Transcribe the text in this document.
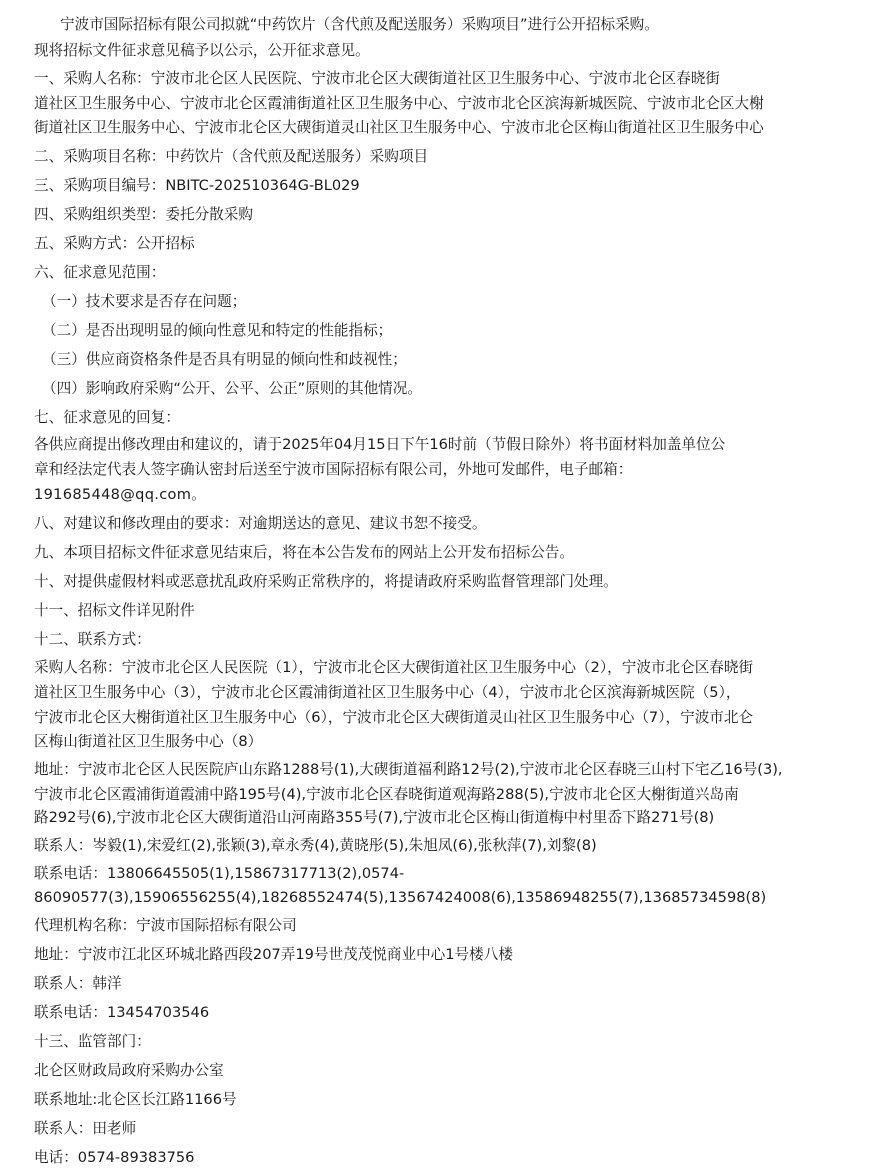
宁波市国际招标有限公司拟就“中药饮片（含代煎及配送服务）采购项目”进行公开招标采购。
现将招标文件征求意见稿予以公示，公开征求意见。
一、采购人名称：宁波市北仑区人民医院、宁波市北仑区大碶街道社区卫生服务中心、宁波市北仑区春晓街
道社区卫生服务中心、宁波市北仑区霞浦街道社区卫生服务中心、宁波市北仑区滨海新城医院、宁波市北仑区大榭
街道社区卫生服务中心、宁波市北仑区大碶街道灵山社区卫生服务中心、宁波市北仑区梅山街道社区卫生服务中心
二、采购项目名称：中药饮片（含代煎及配送服务）采购项目
三、采购项目编号：NBITC-202510364G-BL029
四、采购组织类型：委托分散采购
五、采购方式：公开招标
六、征求意见范围：
（一）技术要求是否存在问题；
（二）是否出现明显的倾向性意见和特定的性能指标；
（三）供应商资格条件是否具有明显的倾向性和歧视性；
（四）影响政府采购“公开、公平、公正”原则的其他情况。
七、征求意见的回复：
各供应商提出修改理由和建议的，请于2025年04月15日下午16时前（节假日除外）将书面材料加盖单位公
章和经法定代表人签字确认密封后送至宁波市国际招标有限公司，外地可发邮件，电子邮箱：
191685448@qq.com。
八、对建议和修改理由的要求：对逾期送达的意见、建议书恕不接受。
九、本项目招标文件征求意见结束后，将在本公告发布的网站上公开发布招标公告。
十、对提供虚假材料或恶意扰乱政府采购正常秩序的，将提请政府采购监督管理部门处理。
十一、招标文件详见附件
十二、联系方式：
采购人名称：宁波市北仑区人民医院（1），宁波市北仑区大碶街道社区卫生服务中心（2），宁波市北仑区春晓街
道社区卫生服务中心（3），宁波市北仑区霞浦街道社区卫生服务中心（4），宁波市北仑区滨海新城医院（5），
宁波市北仑区大榭街道社区卫生服务中心（6），宁波市北仑区大碶街道灵山社区卫生服务中心（7），宁波市北仑
区梅山街道社区卫生服务中心（8）
地址：宁波市北仑区人民医院庐山东路1288号(1),大碶街道福利路12号(2),宁波市北仑区春晓三山村下宅乙16号(3),
宁波市北仑区霞浦街道霞浦中路195号(4),宁波市北仑区春晓街道观海路288(5),宁波市北仑区大榭街道兴岛南
路292号(6),宁波市北仑区大碶街道沿山河南路355号(7),宁波市北仑区梅山街道梅中村里岙下路271号(8)
联系人：岑毅(1),宋爱红(2),张颖(3),章永秀(4),黄晓彤(5),朱旭凤(6),张秋萍(7),刘黎(8)
联系电话：13806645505(1),15867317713(2),0574-
86090577(3),15906556255(4),18268552474(5),13567424008(6),13586948255(7),13685734598(8)
代理机构名称：宁波市国际招标有限公司
地址：宁波市江北区环城北路西段207弄19号世茂茂悦商业中心1号楼八楼
联系人：韩洋
联系电话：13454703546
十三、监管部门：
北仑区财政局政府采购办公室
联系地址:北仑区长江路1166号
联系人：田老师
电话：0574-89383756
